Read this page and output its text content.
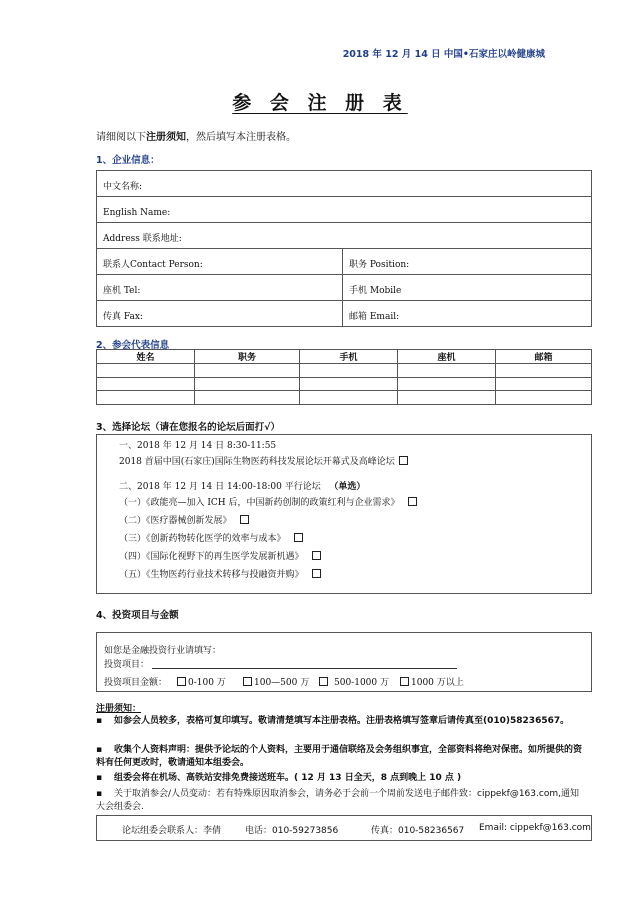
2018 年 12 月 14 日 中国•石家庄以岭健康城
参 会 注 册 表
请细阅以下注册须知，然后填写本注册表格。
1、企业信息：
中文名称:	
English Name:	
Address 联系地址:	
联系人Contact Person:	职务 Position:
座机 Tel:	手机 Mobile
传真 Fax:	邮箱 Email:
2、参会代表信息
姓名	职务	手机	座机	邮箱

3、选择论坛（请在您报名的论坛后面打√）
一、2018 年 12 月 14 日 8:30-11:55
2018 首届中国(石家庄)国际生物医药科技发展论坛开幕式及高峰论坛
二、2018 年 12 月 14 日 14:00-18:00 平行论坛 （单选）
（一）《政能亮—加入 ICH 后，中国新药创制的政策红利与企业需求》
（二）《医疗器械创新发展》
（三）《创新药物转化医学的效率与成本》
（四）《国际化视野下的再生医学发展新机遇》
（五）《生物医药行业技术转移与投融资并购》
4、投资项目与金额
如您是金融投资行业请填写：
投资项目：
投资项目金额：	0-100 万	100—500 万	500-1000 万	1000 万以上
注册须知：
▪	如参会人员较多，表格可复印填写。敬请清楚填写本注册表格。注册表格填写签章后请传真至(010)58236567。
▪	收集个人资料声明：提供予论坛的个人资料，主要用于通信联络及会务组织事宜，全部资料将绝对保密。如所提供的资料有任何更改时，敬请通知本组委会。
▪	组委会将在机场、高铁站安排免费接送班车。( 12 月 13 日全天，8 点到晚上 10 点 )
▪	关于取消参会/人员变动：若有特殊原因取消参会，请务必于会前一个周前发送电子邮件致：cippekf@163.com,通知大会组委会.
论坛组委会联系人：李倩	电话：010-59273856	传真：010-58236567 Email: cippekf@163.com
